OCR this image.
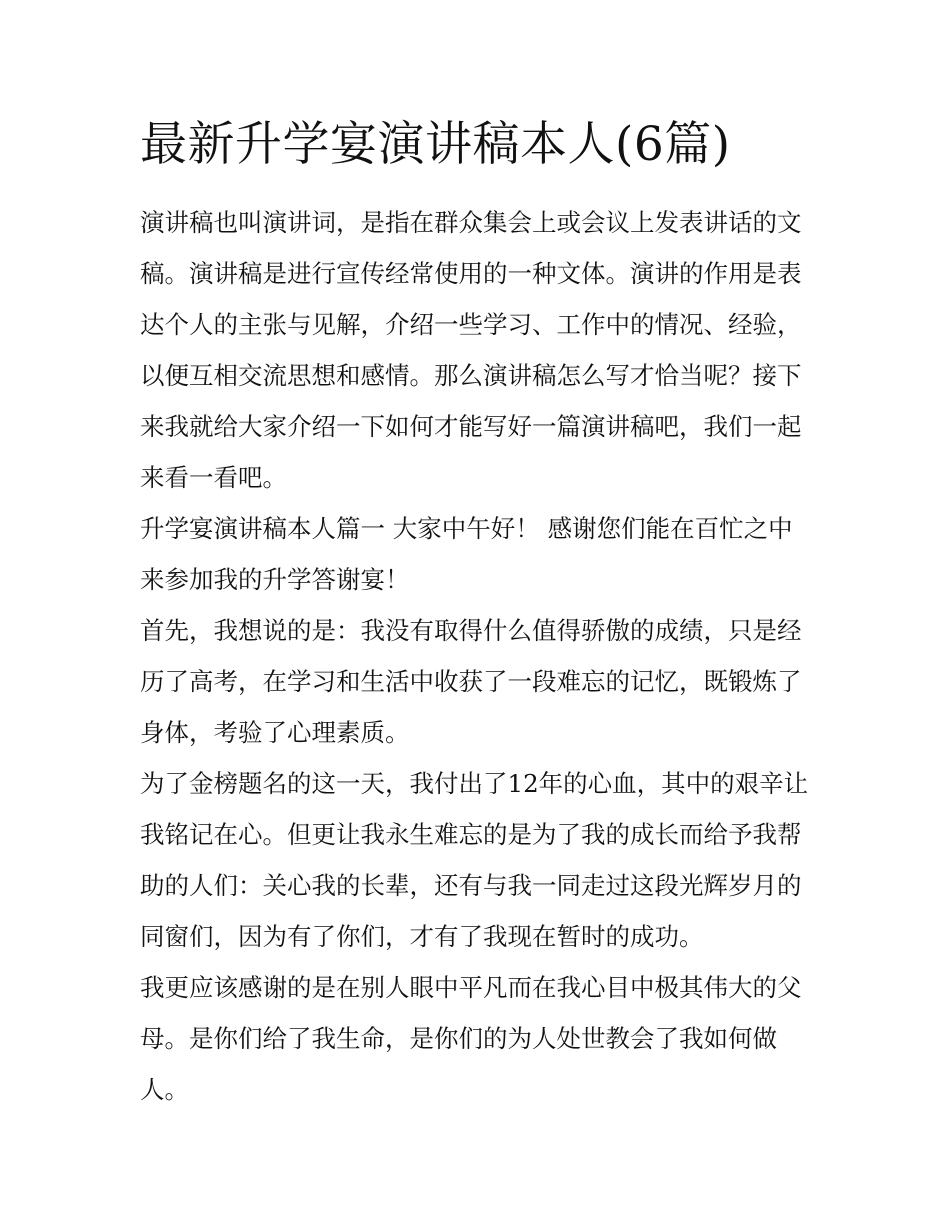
最新升学宴演讲稿本人(6篇)

演讲稿也叫演讲词，是指在群众集会上或会议上发表讲话的文稿。演讲稿是进行宣传经常使用的一种文体。演讲的作用是表达个人的主张与见解，介绍一些学习、工作中的情况、经验，以便互相交流思想和感情。那么演讲稿怎么写才恰当呢？接下来我就给大家介绍一下如何才能写好一篇演讲稿吧，我们一起来看一看吧。

升学宴演讲稿本人篇一 大家中午好！ 感谢您们能在百忙之中来参加我的升学答谢宴！

首先，我想说的是：我没有取得什么值得骄傲的成绩，只是经历了高考，在学习和生活中收获了一段难忘的记忆，既锻炼了身体，考验了心理素质。

为了金榜题名的这一天，我付出了12年的心血，其中的艰辛让我铭记在心。但更让我永生难忘的是为了我的成长而给予我帮助的人们：关心我的长辈，还有与我一同走过这段光辉岁月的同窗们，因为有了你们，才有了我现在暂时的成功。

我更应该感谢的是在别人眼中平凡而在我心目中极其伟大的父母。是你们给了我生命，是你们的为人处世教会了我如何做人。
